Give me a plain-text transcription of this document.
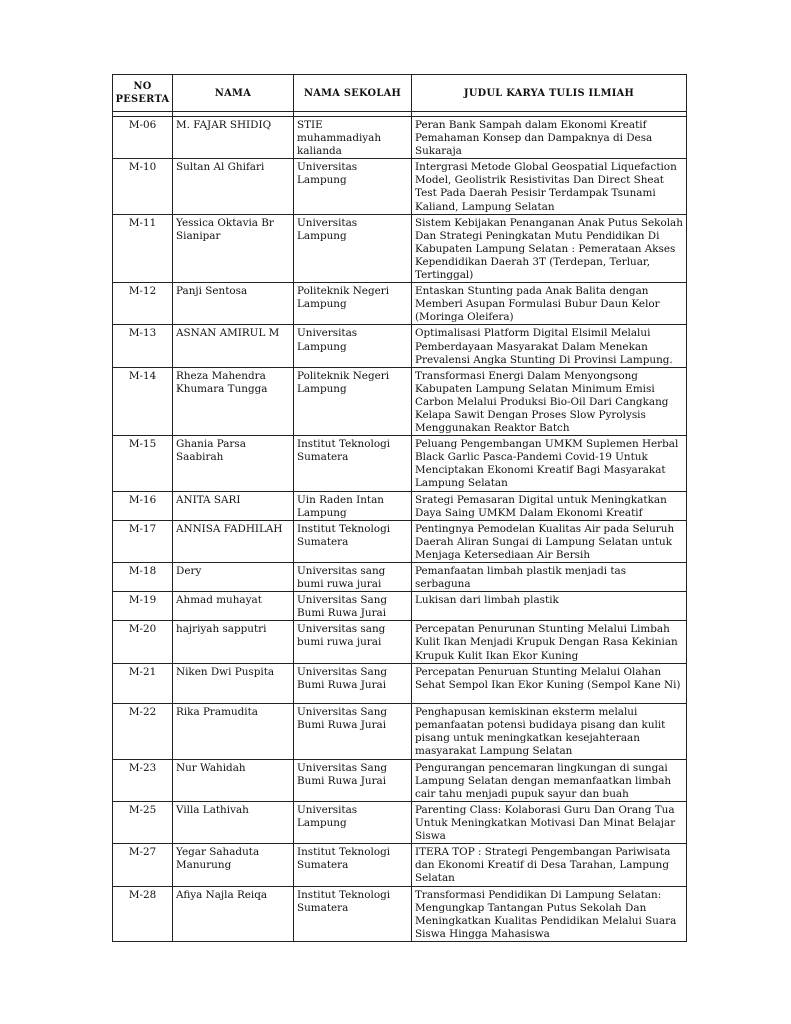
NO
PESERTA	NAMA	NAMA SEKOLAH	JUDUL KARYA TULIS ILMIAH

M-06	M. FAJAR SHIDIQ	STIE muhammadiyah kalianda	Peran Bank Sampah dalam Ekonomi Kreatif Pemahaman Konsep dan Dampaknya di Desa Sukaraja
M-10	Sultan Al Ghifari	Universitas Lampung	Intergrasi Metode Global Geospatial Liquefaction Model, Geolistrik Resistivitas Dan Direct Sheat Test Pada Daerah Pesisir Terdampak Tsunami Kaliand, Lampung Selatan
M-11	Yessica Oktavia Br Sianipar	Universitas Lampung	Sistem Kebijakan Penanganan Anak Putus Sekolah Dan Strategi Peningkatan Mutu Pendidikan Di Kabupaten Lampung Selatan : Pemerataan Akses Kependidikan Daerah 3T (Terdepan, Terluar, Tertinggal)
M-12	Panji Sentosa	Politeknik Negeri Lampung	Entaskan Stunting pada Anak Balita dengan Memberi Asupan Formulasi Bubur Daun Kelor (Moringa Oleifera)
M-13	ASNAN AMIRUL M	Universitas Lampung	Optimalisasi Platform Digital Elsimil Melalui Pemberdayaan Masyarakat Dalam Menekan Prevalensi Angka Stunting Di Provinsi Lampung.
M-14	Rheza Mahendra Khumara Tungga	Politeknik Negeri Lampung	Transformasi Energi Dalam Menyongsong Kabupaten Lampung Selatan Minimum Emisi Carbon Melalui Produksi Bio-Oil Dari Cangkang Kelapa Sawit Dengan Proses Slow Pyrolysis Menggunakan Reaktor Batch
M-15	Ghania Parsa Saabirah	Institut Teknologi Sumatera	Peluang Pengembangan UMKM Suplemen Herbal Black Garlic Pasca-Pandemi Covid-19 Untuk Menciptakan Ekonomi Kreatif Bagi Masyarakat Lampung Selatan
M-16	ANITA SARI	Uin Raden Intan Lampung	Srategi Pemasaran Digital untuk Meningkatkan Daya Saing UMKM Dalam Ekonomi Kreatif
M-17	ANNISA FADHILAH	Institut Teknologi Sumatera	Pentingnya Pemodelan Kualitas Air pada Seluruh Daerah Aliran Sungai di Lampung Selatan untuk Menjaga Ketersediaan Air Bersih
M-18	Dery	Universitas sang bumi ruwa jurai	Pemanfaatan limbah plastik menjadi tas serbaguna
M-19	Ahmad muhayat	Universitas Sang Bumi Ruwa Jurai	Lukisan dari limbah plastik
M-20	hajriyah sapputri	Universitas sang bumi ruwa jurai	Percepatan Penurunan Stunting Melalui Limbah Kulit Ikan Menjadi Krupuk Dengan Rasa Kekinian Krupuk Kulit Ikan Ekor Kuning
M-21	Niken Dwi Puspita	Universitas Sang Bumi Ruwa Jurai	Percepatan Penuruan Stunting Melalui Olahan Sehat Sempol Ikan Ekor Kuning (Sempol Kane Ni)
M-22	Rika Pramudita	Universitas Sang Bumi Ruwa Jurai	Penghapusan kemiskinan eksterm melalui pemanfaatan potensi budidaya pisang dan kulit pisang untuk meningkatkan kesejahteraan masyarakat Lampung Selatan
M-23	Nur Wahidah	Universitas Sang Bumi Ruwa Jurai	Pengurangan pencemaran lingkungan di sungai Lampung Selatan dengan memanfaatkan limbah cair tahu menjadi pupuk sayur dan buah
M-25	Villa Lathivah	Universitas Lampung	Parenting Class: Kolaborasi Guru Dan Orang Tua Untuk Meningkatkan Motivasi Dan Minat Belajar Siswa
M-27	Yegar Sahaduta Manurung	Institut Teknologi Sumatera	ITERA TOP : Strategi Pengembangan Pariwisata dan Ekonomi Kreatif di Desa Tarahan, Lampung Selatan
M-28	Afiya Najla Reiqa	Institut Teknologi Sumatera	Transformasi Pendidikan Di Lampung Selatan: Mengungkap Tantangan Putus Sekolah Dan Meningkatkan Kualitas Pendidikan Melalui Suara Siswa Hingga Mahasiswa
